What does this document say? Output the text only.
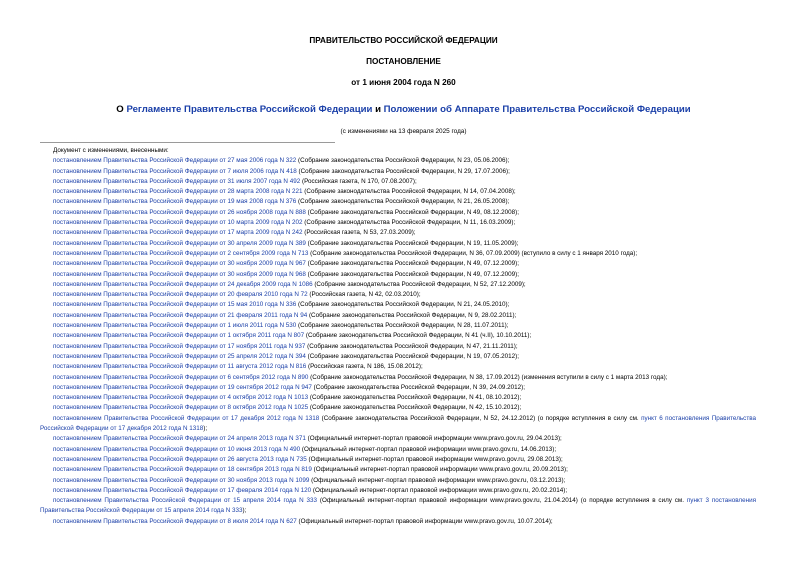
ПРАВИТЕЛЬСТВО РОССИЙСКОЙ ФЕДЕРАЦИИ
ПОСТАНОВЛЕНИЕ
от 1 июня 2004 года N 260
О Регламенте Правительства Российской Федерации и Положении об Аппарате Правительства Российской Федерации
(с изменениями на 13 февраля 2025 года)
Документ с изменениями, внесенными:
постановлением Правительства Российской Федерации от 27 мая 2006 года N 322 (Собрание законодательства Российской Федерации, N 23, 05.06.2006);
постановлением Правительства Российской Федерации от 7 июля 2006 года N 418 (Собрание законодательства Российской Федерации, N 29, 17.07.2006);
постановлением Правительства Российской Федерации от 31 июля 2007 года N 492 (Российская газета, N 170, 07.08.2007);
постановлением Правительства Российской Федерации от 28 марта 2008 года N 221 (Собрание законодательства Российской Федерации, N 14, 07.04.2008);
постановлением Правительства Российской Федерации от 19 мая 2008 года N 376 (Собрание законодательства Российской Федерации, N 21, 26.05.2008);
постановлением Правительства Российской Федерации от 26 ноября 2008 года N 888 (Собрание законодательства Российской Федерации, N 49, 08.12.2008);
постановлением Правительства Российской Федерации от 10 марта 2009 года N 202 (Собрание законодательства Российской Федерации, N 11, 16.03.2009);
постановлением Правительства Российской Федерации от 17 марта 2009 года N 242 (Российская газета, N 53, 27.03.2009);
постановлением Правительства Российской Федерации от 30 апреля 2009 года N 389 (Собрание законодательства Российской Федерации, N 19, 11.05.2009);
постановлением Правительства Российской Федерации от 2 сентября 2009 года N 713 (Собрание законодательства Российской Федерации, N 36, 07.09.2009) (вступило в силу с 1 января 2010 года);
постановлением Правительства Российской Федерации от 30 ноября 2009 года N 967 (Собрание законодательства Российской Федерации, N 49, 07.12.2009);
постановлением Правительства Российской Федерации от 30 ноября 2009 года N 968 (Собрание законодательства Российской Федерации, N 49, 07.12.2009);
постановлением Правительства Российской Федерации от 24 декабря 2009 года N 1086 (Собрание законодательства Российской Федерации, N 52, 27.12.2009);
постановлением Правительства Российской Федерации от 20 февраля 2010 года N 72 (Российская газета, N 42, 02.03.2010);
постановлением Правительства Российской Федерации от 15 мая 2010 года N 336 (Собрание законодательства Российской Федерации, N 21, 24.05.2010);
постановлением Правительства Российской Федерации от 21 февраля 2011 года N 94 (Собрание законодательства Российской Федерации, N 9, 28.02.2011);
постановлением Правительства Российской Федерации от 1 июля 2011 года N 530 (Собрание законодательства Российской Федерации, N 28, 11.07.2011);
постановлением Правительства Российской Федерации от 1 октября 2011 года N 807 (Собрание законодательства Российской Федерации, N 41 (ч.II), 10.10.2011);
постановлением Правительства Российской Федерации от 17 ноября 2011 года N 937 (Собрание законодательства Российской Федерации, N 47, 21.11.2011);
постановлением Правительства Российской Федерации от 25 апреля 2012 года N 394 (Собрание законодательства Российской Федерации, N 19, 07.05.2012);
постановлением Правительства Российской Федерации от 11 августа 2012 года N 816 (Российская газета, N 186, 15.08.2012);
постановлением Правительства Российской Федерации от 6 сентября 2012 года N 890 (Собрание законодательства Российской Федерации, N 38, 17.09.2012) (изменения вступили в силу с 1 марта 2013 года);
постановлением Правительства Российской Федерации от 19 сентября 2012 года N 947 (Собрание законодательства Российской Федерации, N 39, 24.09.2012);
постановлением Правительства Российской Федерации от 4 октября 2012 года N 1013 (Собрание законодательства Российской Федерации, N 41, 08.10.2012);
постановлением Правительства Российской Федерации от 8 октября 2012 года N 1025 (Собрание законодательства Российской Федерации, N 42, 15.10.2012);
постановлением Правительства Российской Федерации от 17 декабря 2012 года N 1318 (Собрание законодательства Российской Федерации, N 52, 24.12.2012) (о порядке вступления в силу см. пункт 6 постановления Правительства Российской Федерации от 17 декабря 2012 года N 1318);
постановлением Правительства Российской Федерации от 24 апреля 2013 года N 371 (Официальный интернет-портал правовой информации www.pravo.gov.ru, 29.04.2013);
постановлением Правительства Российской Федерации от 10 июня 2013 года N 490 (Официальный интернет-портал правовой информации www.pravo.gov.ru, 14.06.2013);
постановлением Правительства Российской Федерации от 26 августа 2013 года N 735 (Официальный интернет-портал правовой информации www.pravo.gov.ru, 29.08.2013);
постановлением Правительства Российской Федерации от 18 сентября 2013 года N 819 (Официальный интернет-портал правовой информации www.pravo.gov.ru, 20.09.2013);
постановлением Правительства Российской Федерации от 30 ноября 2013 года N 1099 (Официальный интернет-портал правовой информации www.pravo.gov.ru, 03.12.2013);
постановлением Правительства Российской Федерации от 17 февраля 2014 года N 120 (Официальный интернет-портал правовой информации www.pravo.gov.ru, 20.02.2014);
постановлением Правительства Российской Федерации от 15 апреля 2014 года N 333 (Официальный интернет-портал правовой информации www.pravo.gov.ru, 21.04.2014) (о порядке вступления в силу см. пункт 3 постановления Правительства Российской Федерации от 15 апреля 2014 года N 333);
постановлением Правительства Российской Федерации от 8 июля 2014 года N 627 (Официальный интернет-портал правовой информации www.pravo.gov.ru, 10.07.2014);
